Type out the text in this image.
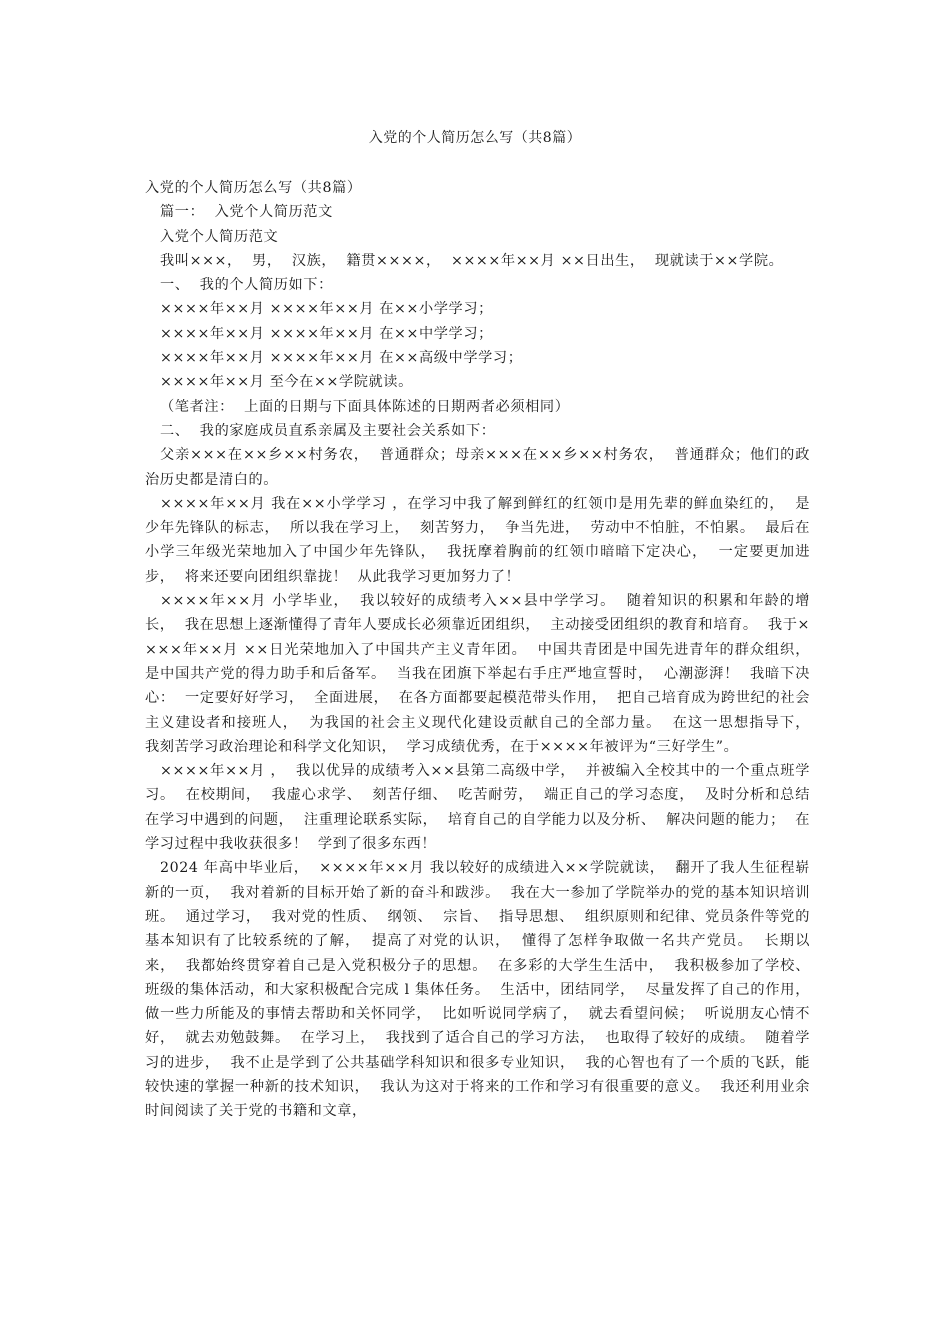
入党的个人简历怎么写（共8篇）

入党的个人简历怎么写（共8篇）

篇一：  入党个人简历范文

入党个人简历范文

我叫×××，  男，  汉族，  籍贯××××，  ××××年××月 ××日出生，  现就读于××学院。

一、  我的个人简历如下：

××××年××月 ××××年××月 在××小学学习；

××××年××月 ××××年××月 在××中学学习；

××××年××月 ××××年××月 在××高级中学学习；

××××年××月 至今在××学院就读。

（笔者注：  上面的日期与下面具体陈述的日期两者必须相同）

二、  我的家庭成员直系亲属及主要社会关系如下：

父亲×××在××乡××村务农，  普通群众；母亲×××在××乡××村务农，  普通群众；他们的政治历史都是清白的。

××××年××月 我在××小学学习 ，在学习中我了解到鲜红的红领巾是用先辈的鲜血染红的，  是少年先锋队的标志，  所以我在学习上，  刻苦努力，  争当先进，  劳动中不怕脏，不怕累。  最后在小学三年级光荣地加入了中国少年先锋队，  我抚摩着胸前的红领巾暗暗下定决心，  一定要更加进步，  将来还要向团组织靠拢！  从此我学习更加努力了！

××××年××月 小学毕业，  我以较好的成绩考入××县中学学习。  随着知识的积累和年龄的增长，  我在思想上逐渐懂得了青年人要成长必须靠近团组织，  主动接受团组织的教育和培育。  我于××××年××月 ××日光荣地加入了中国共产主义青年团。  中国共青团是中国先进青年的群众组织，  是中国共产党的得力助手和后备军。  当我在团旗下举起右手庄严地宣誓时，  心潮澎湃！  我暗下决心：  一定要好好学习，  全面进展，  在各方面都要起模范带头作用，  把自己培育成为跨世纪的社会主义建设者和接班人，  为我国的社会主义现代化建设贡献自己的全部力量。  在这一思想指导下，  我刻苦学习政治理论和科学文化知识，  学习成绩优秀，在于××××年被评为“三好学生”。

××××年××月 ，  我以优异的成绩考入××县第二高级中学，  并被编入全校其中的一个重点班学习。  在校期间，  我虚心求学、  刻苦仔细、  吃苦耐劳，  端正自己的学习态度，  及时分析和总结在学习中遇到的问题，  注重理论联系实际，  培育自己的自学能力以及分析、  解决问题的能力；  在学习过程中我收获很多！  学到了很多东西！

2024 年高中毕业后，  ××××年××月 我以较好的成绩进入××学院就读，  翻开了我人生征程崭新的一页，  我对着新的目标开始了新的奋斗和跋涉。  我在大一参加了学院举办的党的基本知识培训班。  通过学习，  我对党的性质、  纲领、  宗旨、  指导思想、  组织原则和纪律、党员条件等党的基本知识有了比较系统的了解，  提高了对党的认识，  懂得了怎样争取做一名共产党员。  长期以来，  我都始终贯穿着自己是入党积极分子的思想。  在多彩的大学生生活中，  我积极参加了学校、  班级的集体活动，和大家积极配合完成 l 集体任务。  生活中，团结同学，  尽量发挥了自己的作用，  做一些力所能及的事情去帮助和关怀同学，  比如听说同学病了，  就去看望问候；  听说朋友心情不好，  就去劝勉鼓舞。  在学习上，  我找到了适合自己的学习方法，  也取得了较好的成绩。  随着学习的进步，  我不止是学到了公共基础学科知识和很多专业知识，  我的心智也有了一个质的飞跃，能较快速的掌握一种新的技术知识，  我认为这对于将来的工作和学习有很重要的意义。  我还利用业余时间阅读了关于党的书籍和文章，
